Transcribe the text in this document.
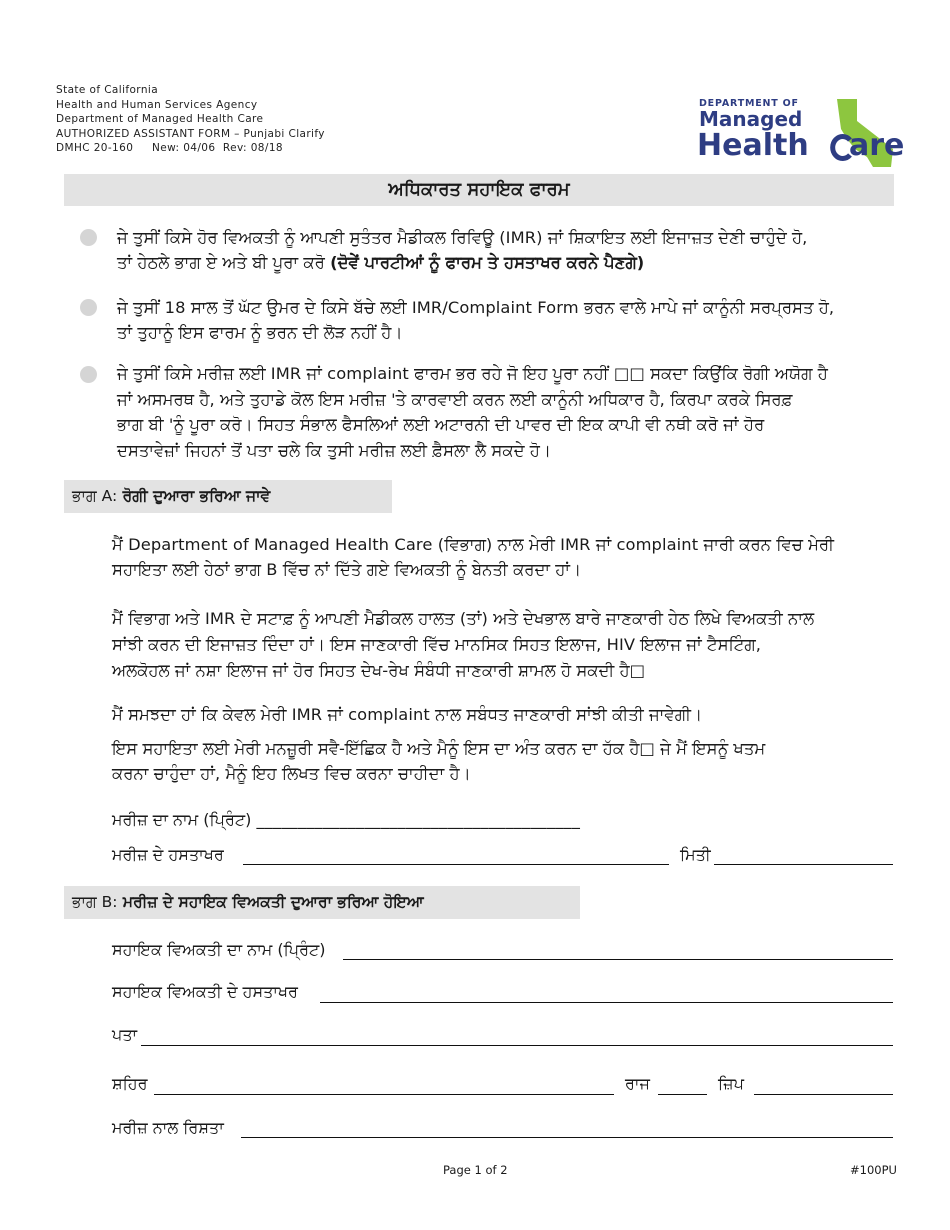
State of California
Health and Human Services Agency
Department of Managed Health Care
AUTHORIZED ASSISTANT FORM – Punjabi Clarify
DMHC 20-160     New: 04/06  Rev: 08/18
DEPARTMENT OF
Managed
Health are
ਅਧਿਕਾਰਤ ਸਹਾਇਕ ਫਾਰਮ
ਜੇ ਤੁਸੀਂ ਕਿਸੇ ਹੋਰ ਵਿਅਕਤੀ ਨੂੰ ਆਪਣੀ ਸੁਤੰਤਰ ਮੈਡੀਕਲ ਰਿਵਿਊ (IMR) ਜਾਂ ਸ਼ਿਕਾਇਤ ਲਈ ਇਜਾਜ਼ਤ ਦੇਣੀ ਚਾਹੁੰਦੇ ਹੋ,
ਤਾਂ ਹੇਠਲੇ ਭਾਗ ਏ ਅਤੇ ਬੀ ਪੂਰਾ ਕਰੋ (ਦੋਵੇਂ ਪਾਰਟੀਆਂ ਨੂੰ ਫਾਰਮ ਤੇ ਹਸਤਾਖਰ ਕਰਨੇ ਪੈਣਗੇ)
ਜੇ ਤੁਸੀਂ 18 ਸਾਲ ਤੋਂ ਘੱਟ ਉਮਰ ਦੇ ਕਿਸੇ ਬੱਚੇ ਲਈ IMR/Complaint Form ਭਰਨ ਵਾਲੇ ਮਾਪੇ ਜਾਂ ਕਾਨੂੰਨੀ ਸਰਪ੍ਰਸਤ ਹੋ,
ਤਾਂ ਤੁਹਾਨੂੰ ਇਸ ਫਾਰਮ ਨੂੰ ਭਰਨ ਦੀ ਲੋੜ ਨਹੀਂ ਹੈ।
ਜੇ ਤੁਸੀਂ ਕਿਸੇ ਮਰੀਜ਼ ਲਈ IMR ਜਾਂ complaint ਫਾਰਮ ਭਰ ਰਹੇ ਜੋ ਇਹ ਪੂਰਾ ਨਹੀਂ □□ ਸਕਦਾ ਕਿਉਂਕਿ ਰੋਗੀ ਅਯੋਗ ਹੈ
ਜਾਂ ਅਸਮਰਥ ਹੈ, ਅਤੇ ਤੁਹਾਡੇ ਕੋਲ ਇਸ ਮਰੀਜ਼ 'ਤੇ ਕਾਰਵਾਈ ਕਰਨ ਲਈ ਕਾਨੂੰਨੀ ਅਧਿਕਾਰ ਹੈ, ਕਿਰਪਾ ਕਰਕੇ ਸਿਰਫ਼
ਭਾਗ ਬੀ 'ਨੂੰ ਪੂਰਾ ਕਰੋ। ਸਿਹਤ ਸੰਭਾਲ ਫੈਸਲਿਆਂ ਲਈ ਅਟਾਰਨੀ ਦੀ ਪਾਵਰ ਦੀ ਇਕ ਕਾਪੀ ਵੀ ਨਥੀ ਕਰੋ ਜਾਂ ਹੋਰ
ਦਸਤਾਵੇਜ਼ਾਂ ਜਿਹਨਾਂ ਤੋਂ ਪਤਾ ਚਲੇ ਕਿ ਤੁਸੀ ਮਰੀਜ਼ ਲਈ ਫ਼ੈਸਲਾ ਲੈ ਸਕਦੇ ਹੋ।
ਭਾਗ A: ਰੋਗੀ ਦੁਆਰਾ ਭਰਿਆ ਜਾਵੇ
ਮੈਂ Department of Managed Health Care (ਵਿਭਾਗ) ਨਾਲ ਮੇਰੀ IMR ਜਾਂ complaint ਜਾਰੀ ਕਰਨ ਵਿਚ ਮੇਰੀ
ਸਹਾਇਤਾ ਲਈ ਹੇਠਾਂ ਭਾਗ B ਵਿੱਚ ਨਾਂ ਦਿੱਤੇ ਗਏ ਵਿਅਕਤੀ ਨੂੰ ਬੇਨਤੀ ਕਰਦਾ ਹਾਂ।
ਮੈਂ ਵਿਭਾਗ ਅਤੇ IMR ਦੇ ਸਟਾਫ਼ ਨੂੰ ਆਪਣੀ ਮੈਡੀਕਲ ਹਾਲਤ (ਤਾਂ) ਅਤੇ ਦੇਖਭਾਲ ਬਾਰੇ ਜਾਣਕਾਰੀ ਹੇਠ ਲਿਖੇ ਵਿਅਕਤੀ ਨਾਲ
ਸਾਂਝੀ ਕਰਨ ਦੀ ਇਜਾਜ਼ਤ ਦਿੰਦਾ ਹਾਂ। ਇਸ ਜਾਣਕਾਰੀ ਵਿੱਚ ਮਾਨਸਿਕ ਸਿਹਤ ਇਲਾਜ, HIV ਇਲਾਜ ਜਾਂ ਟੈਸਟਿੰਗ,
ਅਲਕੋਹਲ ਜਾਂ ਨਸ਼ਾ ਇਲਾਜ ਜਾਂ ਹੋਰ ਸਿਹਤ ਦੇਖ-ਰੇਖ ਸੰਬੰਧੀ ਜਾਣਕਾਰੀ ਸ਼ਾਮਲ ਹੋ ਸਕਦੀ ਹੈ□
ਮੈਂ ਸਮਝਦਾ ਹਾਂ ਕਿ ਕੇਵਲ ਮੇਰੀ IMR ਜਾਂ complaint ਨਾਲ ਸਬੰਧਤ ਜਾਣਕਾਰੀ ਸਾਂਝੀ ਕੀਤੀ ਜਾਵੇਗੀ।
ਇਸ ਸਹਾਇਤਾ ਲਈ ਮੇਰੀ ਮਨਜ਼ੂਰੀ ਸਵੈ-ਇੱਛਿਕ ਹੈ ਅਤੇ ਮੈਨੂੰ ਇਸ ਦਾ ਅੰਤ ਕਰਨ ਦਾ ਹੱਕ ਹੈ□ ਜੇ ਮੈਂ ਇਸਨੂੰ ਖਤਮ
ਕਰਨਾ ਚਾਹੁੰਦਾ ਹਾਂ, ਮੈਨੂੰ ਇਹ ਲਿਖਤ ਵਿਚ ਕਰਨਾ ਚਾਹੀਦਾ ਹੈ।
ਮਰੀਜ਼ ਦਾ ਨਾਮ (ਪ੍ਰਿੰਟ) _______________________________________
ਮਰੀਜ਼ ਦੇ ਹਸਤਾਖਰ	ਮਿਤੀ
ਭਾਗ B: ਮਰੀਜ਼ ਦੇ ਸਹਾਇਕ ਵਿਅਕਤੀ ਦੁਆਰਾ ਭਰਿਆ ਹੋਇਆ
ਸਹਾਇਕ ਵਿਅਕਤੀ ਦਾ ਨਾਮ (ਪ੍ਰਿੰਟ)
ਸਹਾਇਕ ਵਿਅਕਤੀ ਦੇ ਹਸਤਾਖਰ
ਪਤਾ
ਸ਼ਹਿਰ	ਰਾਜ	ਜ਼ਿਪ
ਮਰੀਜ਼ ਨਾਲ ਰਿਸ਼ਤਾ
Page 1 of 2	#100PU
